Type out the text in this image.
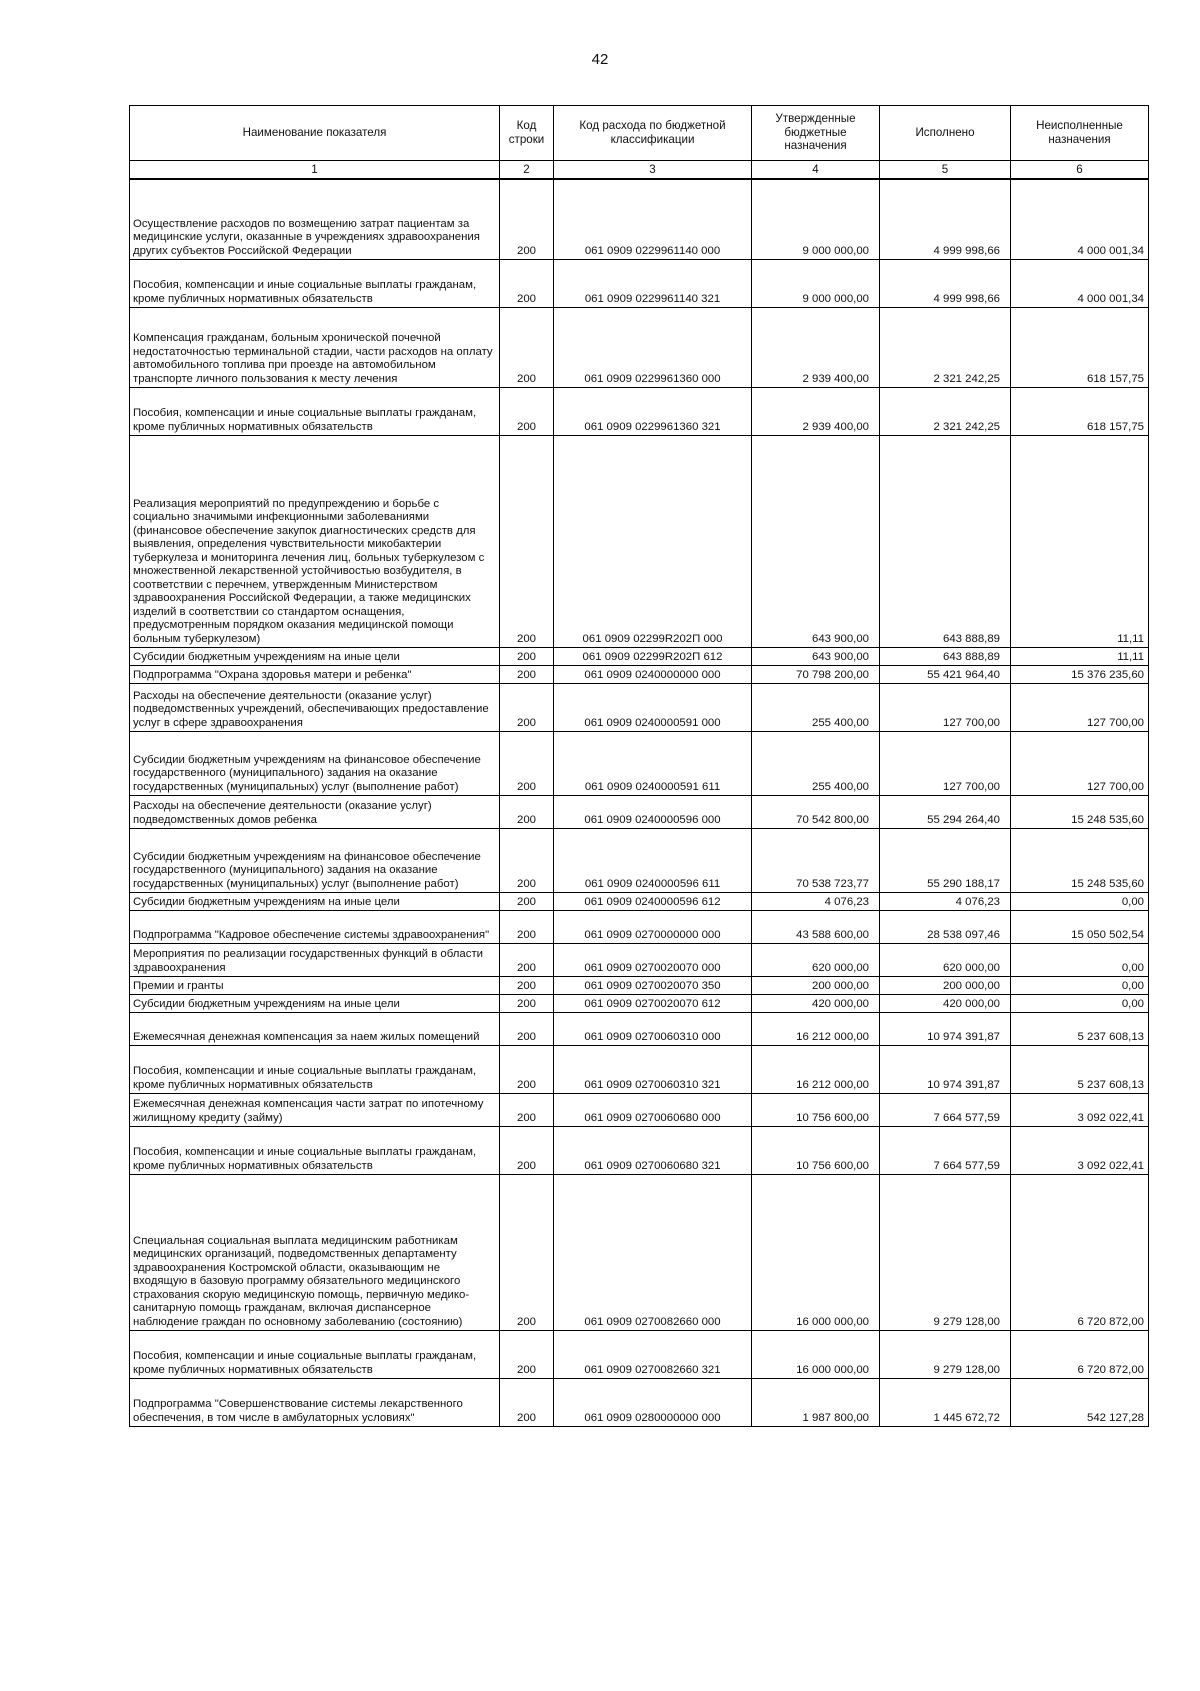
42
Наименование показателя	Код строки	Код расхода по бюджетной классификации	Утвержденные бюджетные назначения	Исполнено	Неисполненные назначения
1	2	3	4	5	6
Осуществление расходов по возмещению затрат пациентам за медицинские услуги, оказанные в учреждениях здравоохранения других субъектов Российской Федерации	200	061 0909 0229961140 000	9 000 000,00	4 999 998,66	4 000 001,34
Пособия, компенсации и иные социальные выплаты гражданам, кроме публичных нормативных обязательств	200	061 0909 0229961140 321	9 000 000,00	4 999 998,66	4 000 001,34
Компенсация гражданам, больным хронической почечной недостаточностью терминальной стадии, части расходов на оплату автомобильного топлива при проезде на автомобильном транспорте личного пользования к месту лечения	200	061 0909 0229961360 000	2 939 400,00	2 321 242,25	618 157,75
Пособия, компенсации и иные социальные выплаты гражданам, кроме публичных нормативных обязательств	200	061 0909 0229961360 321	2 939 400,00	2 321 242,25	618 157,75
Реализация мероприятий по предупреждению и борьбе с социально значимыми инфекционными заболеваниями (финансовое обеспечение закупок диагностических средств для выявления, определения чувствительности микобактерии туберкулеза и мониторинга лечения лиц, больных туберкулезом с множественной лекарственной устойчивостью возбудителя, в соответствии с перечнем, утвержденным Министерством здравоохранения Российской Федерации, а также медицинских изделий в соответствии со стандартом оснащения, предусмотренным порядком оказания медицинской помощи больным туберкулезом)	200	061 0909 02299R202П 000	643 900,00	643 888,89	11,11
Субсидии бюджетным учреждениям на иные цели	200	061 0909 02299R202П 612	643 900,00	643 888,89	11,11
Подпрограмма "Охрана здоровья матери и ребенка"	200	061 0909 0240000000 000	70 798 200,00	55 421 964,40	15 376 235,60
Расходы на обеспечение деятельности (оказание услуг) подведомственных учреждений, обеспечивающих предоставление услуг в сфере здравоохранения	200	061 0909 0240000591 000	255 400,00	127 700,00	127 700,00
Субсидии бюджетным учреждениям на финансовое обеспечение государственного (муниципального) задания на оказание государственных (муниципальных) услуг (выполнение работ)	200	061 0909 0240000591 611	255 400,00	127 700,00	127 700,00
Расходы на обеспечение деятельности (оказание услуг) подведомственных домов ребенка	200	061 0909 0240000596 000	70 542 800,00	55 294 264,40	15 248 535,60
Субсидии бюджетным учреждениям на финансовое обеспечение государственного (муниципального) задания на оказание государственных (муниципальных) услуг (выполнение работ)	200	061 0909 0240000596 611	70 538 723,77	55 290 188,17	15 248 535,60
Субсидии бюджетным учреждениям на иные цели	200	061 0909 0240000596 612	4 076,23	4 076,23	0,00
Подпрограмма "Кадровое обеспечение системы здравоохранения"	200	061 0909 0270000000 000	43 588 600,00	28 538 097,46	15 050 502,54
Мероприятия по реализации государственных функций в области здравоохранения	200	061 0909 0270020070 000	620 000,00	620 000,00	0,00
Премии и гранты	200	061 0909 0270020070 350	200 000,00	200 000,00	0,00
Субсидии бюджетным учреждениям на иные цели	200	061 0909 0270020070 612	420 000,00	420 000,00	0,00
Ежемесячная денежная компенсация за наем жилых помещений	200	061 0909 0270060310 000	16 212 000,00	10 974 391,87	5 237 608,13
Пособия, компенсации и иные социальные выплаты гражданам, кроме публичных нормативных обязательств	200	061 0909 0270060310 321	16 212 000,00	10 974 391,87	5 237 608,13
Ежемесячная денежная компенсация части затрат по ипотечному жилищному кредиту (займу)	200	061 0909 0270060680 000	10 756 600,00	7 664 577,59	3 092 022,41
Пособия, компенсации и иные социальные выплаты гражданам, кроме публичных нормативных обязательств	200	061 0909 0270060680 321	10 756 600,00	7 664 577,59	3 092 022,41
Специальная социальная выплата медицинским работникам медицинских организаций, подведомственных департаменту здравоохранения Костромской области, оказывающим не входящую в базовую программу обязательного медицинского страхования скорую медицинскую помощь, первичную медико-санитарную помощь гражданам, включая диспансерное наблюдение граждан по основному заболеванию (состоянию)	200	061 0909 0270082660 000	16 000 000,00	9 279 128,00	6 720 872,00
Пособия, компенсации и иные социальные выплаты гражданам, кроме публичных нормативных обязательств	200	061 0909 0270082660 321	16 000 000,00	9 279 128,00	6 720 872,00
Подпрограмма "Совершенствование системы лекарственного обеспечения, в том числе в амбулаторных условиях"	200	061 0909 0280000000 000	1 987 800,00	1 445 672,72	542 127,28
